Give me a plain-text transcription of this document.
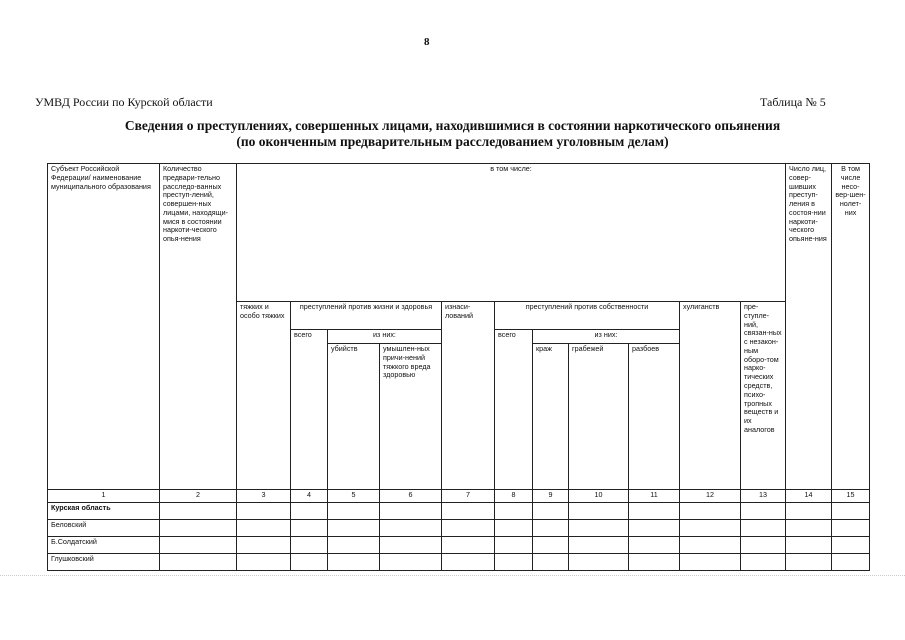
8
УМВД России по Курской области	Таблица № 5
Сведения о преступлениях, совершенных лицами, находившимися в состоянии наркотического опьянения
(по оконченным предварительным расследованием уголовным делам)
Субъект Российской Федерации/ наименование муниципального образования	Количество предвари-тельно расследо-ванных преступ-лений, совершен-ных лицами, находящи-мися в состоянии наркоти-ческого опья-нения	в том числе:											Число лиц, совер-шивших преступ-ления в состоя-нии наркоти-ческого опьяне-ния	В том числе несо-вер-шен-нолет-них
		тяжких и особо тяжких	преступлений против жизни и здоровья			изнаси-лований	преступлений против собственности				хулиганств	пре-ступле-ний, связан-ных с незакон-ным оборо-том нарко-тических средств, психо-тропных веществ и их аналогов		
			всего	из них:			всего	из них:						
				убийств	умышлен-ных причи-нений тяжкого вреда здоровью			краж	грабежей	разбоев				
1	2	3	4	5	6	7	8	9	10	11	12	13	14	15
Курская область														
Беловский														
Б.Солдатский														
Глушковский														
